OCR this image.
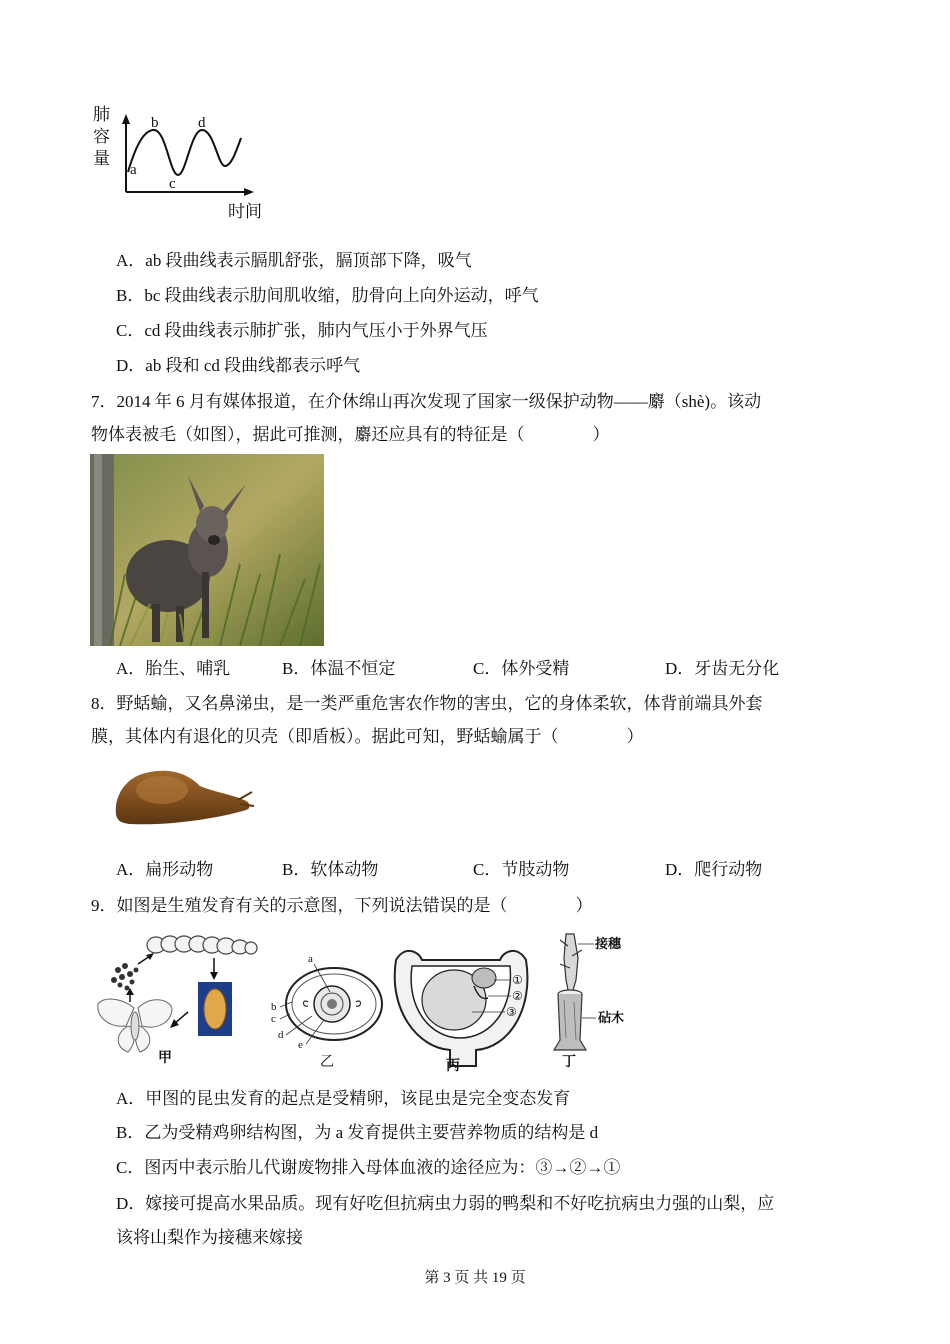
肺
容
量
a
b
c
d
时间
A．ab 段曲线表示膈肌舒张，膈顶部下降，吸气
B．bc 段曲线表示肋间肌收缩，肋骨向上向外运动，呼气
C．cd 段曲线表示肺扩张，肺内气压小于外界气压
D．ab 段和 cd 段曲线都表示呼气
7．2014 年 6 月有媒体报道，在介休绵山再次发现了国家一级保护动物——麝（shè)。该动
物体表被毛（如图），据此可推测，麝还应具有的特征是（　　　　）
A．胎生、哺乳	B．体温不恒定	C．体外受精	D．牙齿无分化
8．野蛞蝓，又名鼻涕虫，是一类严重危害农作物的害虫，它的身体柔软，体背前端具外套
膜，其体内有退化的贝壳（即盾板）。据此可知，野蛞蝓属于（　　　　）
A．扁形动物	B．软体动物	C．节肢动物	D．爬行动物
9．如图是生殖发育有关的示意图，下列说法错误的是（　　　　）
甲
a
b
c
d
e
乙
①
②
③
丙
接穗
砧木
丁
A．甲图的昆虫发育的起点是受精卵，该昆虫是完全变态发育
B．乙为受精鸡卵结构图，为 a 发育提供主要营养物质的结构是 d
C．图丙中表示胎儿代谢废物排入母体血液的途径应为：③→②→①
D．嫁接可提高水果品质。现有好吃但抗病虫力弱的鸭梨和不好吃抗病虫力强的山梨，应
该将山梨作为接穗来嫁接
第 3 页 共 19 页
